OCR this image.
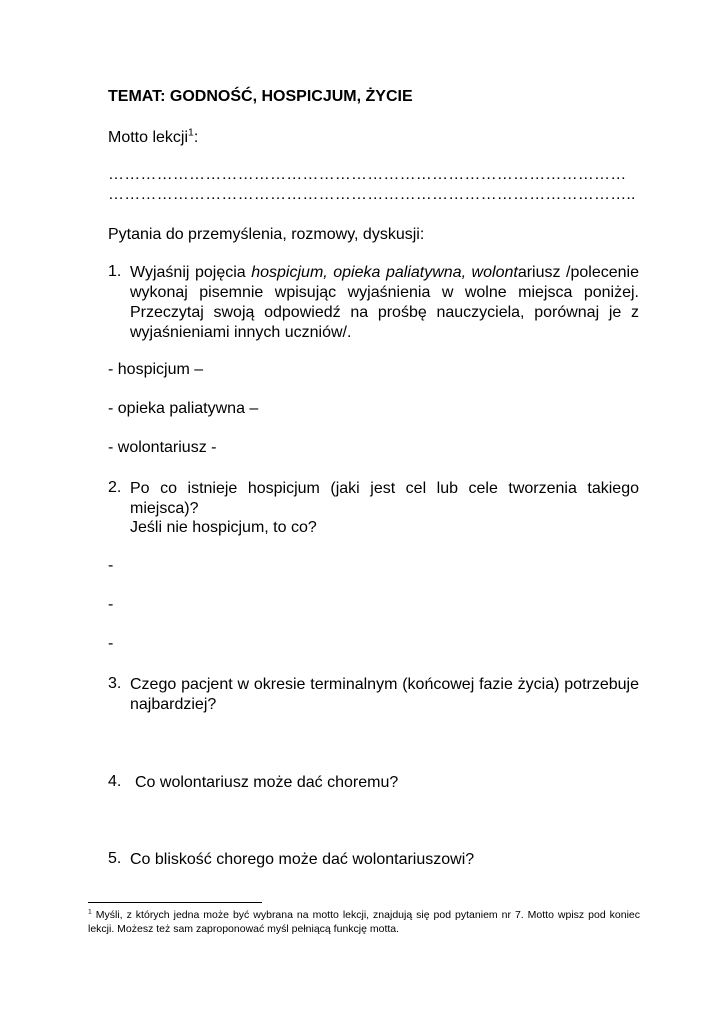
TEMAT: GODNOŚĆ, HOSPICJUM, ŻYCIE
Motto lekcji$^1$:
……………………………………………………………………………………
……………………………………………………………………………………..
Pytania do przemyślenia, rozmowy, dyskusji:
1. Wyjaśnij pojęcia hospicjum, opieka paliatywna, wolontariusz /polecenie wykonaj pisemnie wpisując wyjaśnienia w wolne miejsca poniżej. Przeczytaj swoją odpowiedź na prośbę nauczyciela, porównaj je z wyjaśnieniami innych uczniów/.
- hospicjum –
- opieka paliatywna –
- wolontariusz -
2. Po co istnieje hospicjum (jaki jest cel lub cele tworzenia takiego miejsca)?
Jeśli nie hospicjum, to co?
-
-
-
3. Czego pacjent w okresie terminalnym (końcowej fazie życia) potrzebuje najbardziej?
4. Co wolontariusz może dać choremu?
5. Co bliskość chorego może dać wolontariuszowi?
$^1$ Myśli, z których jedna może być wybrana na motto lekcji, znajdują się pod pytaniem nr 7. Motto wpisz pod koniec lekcji. Możesz też sam zaproponować myśl pełniącą funkcję motta.
